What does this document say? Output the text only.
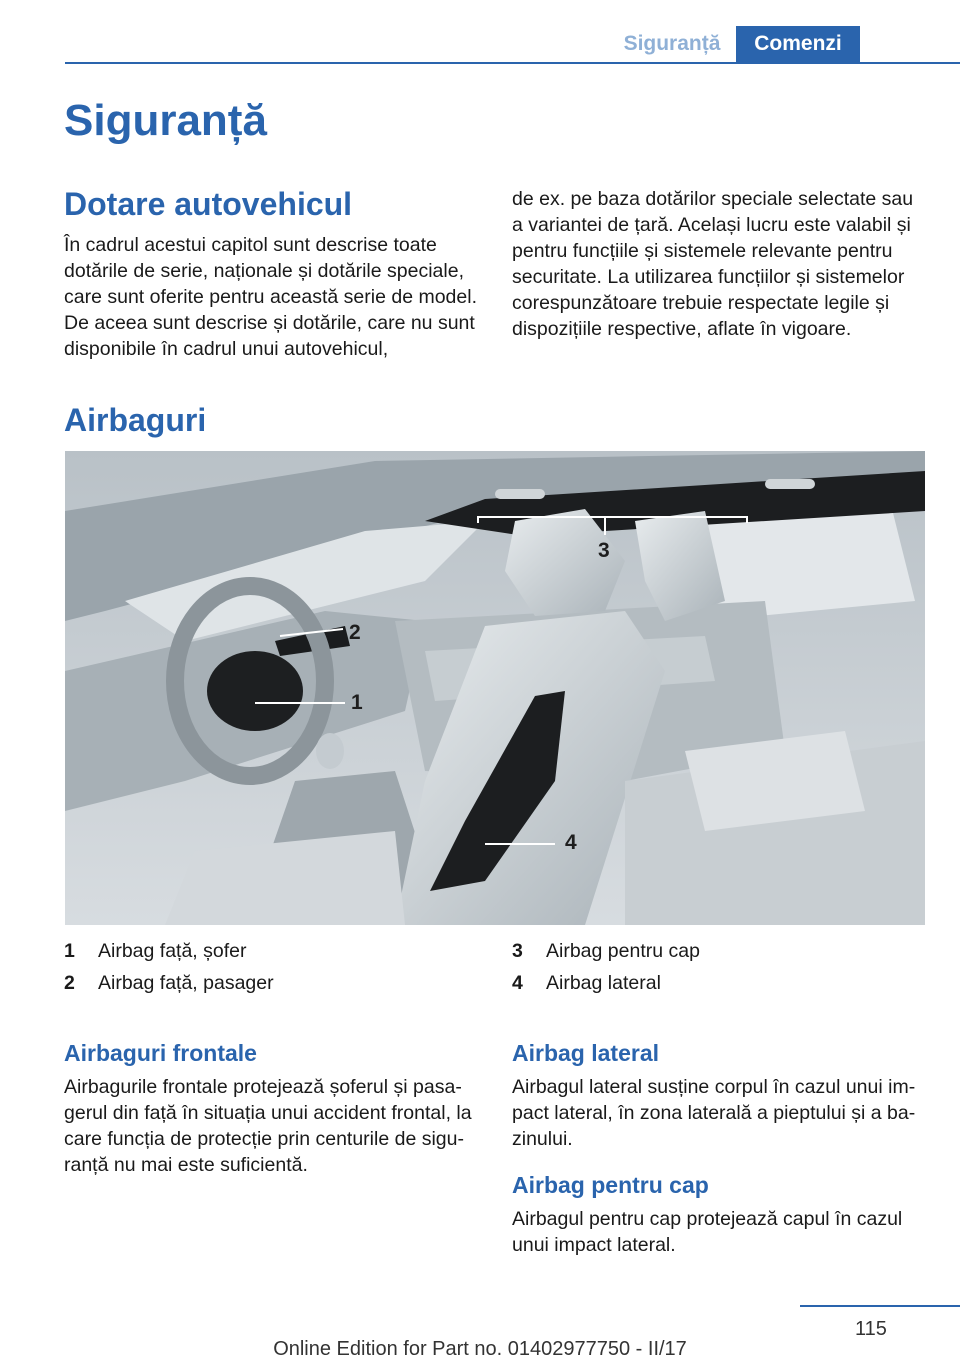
Siguranță	Comenzi
Siguranță
Dotare autovehicul

În cadrul acestui capitol sunt descrise toate dotările de serie, naționale și dotările speciale, care sunt oferite pentru această serie de model. De aceea sunt descrise și dotările, care nu sunt disponibile în cadrul unui autovehicul,

de ex. pe baza dotărilor speciale selectate sau a variantei de țară. Același lucru este valabil și pentru funcțiile și sistemele relevante pentru securitate. La utilizarea funcțiilor și sistemelor corespunzătoare trebuie respectate legile și dispozițiile respective, aflate în vigoare.

Airbaguri
3
2
1
4
1 Airbag față, șofer
2 Airbag față, pasager
3 Airbag pentru cap
4 Airbag lateral
Airbaguri frontale

Airbagurile frontale protejează șoferul și pasagerul din față în situația unui accident frontal, la care funcția de protecție prin centurile de siguranță nu mai este suficientă.

Airbag lateral

Airbagul lateral susține corpul în cazul unui impact lateral, în zona laterală a pieptului și a bazinului.

Airbag pentru cap

Airbagul pentru cap protejează capul în cazul unui impact lateral.

115
Online Edition for Part no. 01402977750 - II/17
